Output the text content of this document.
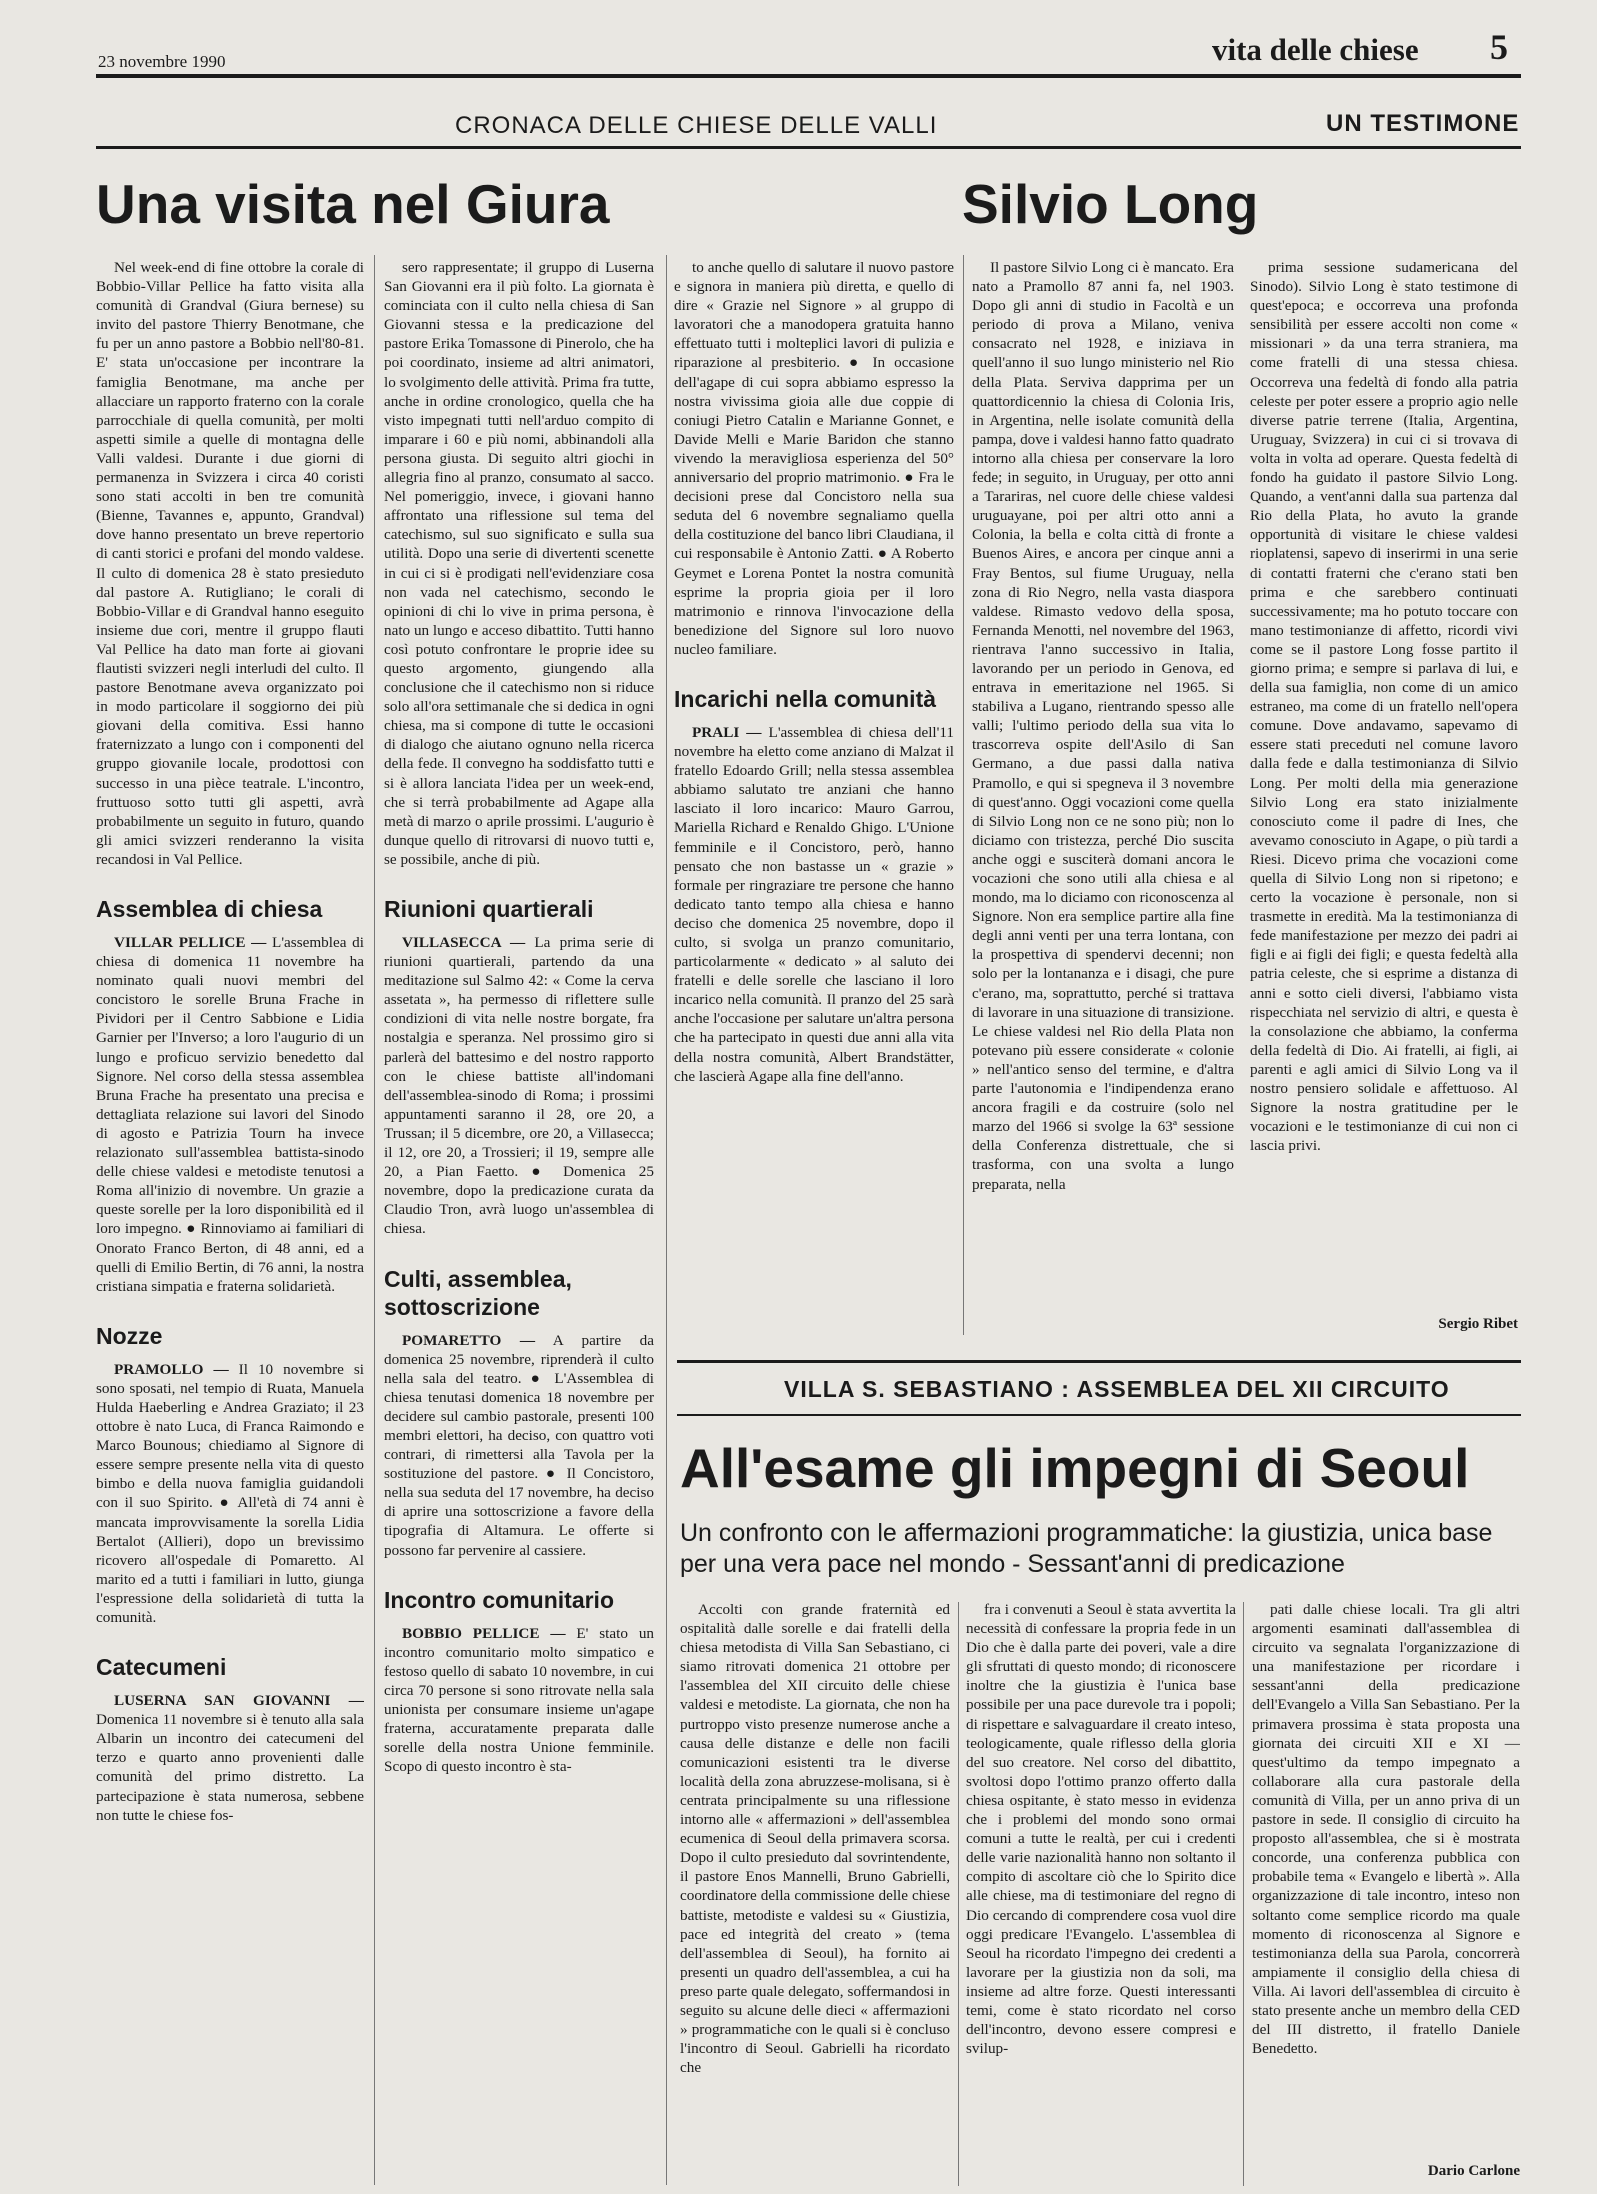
23 novembre 1990	vita delle chiese 5
CRONACA DELLE CHIESE DELLE VALLI	UN TESTIMONE
Una visita nel Giura	Silvio Long

Nel week-end di fine ottobre la corale di Bobbio-Villar Pellice ha fatto visita alla comunità di Grandval (Giura bernese) su invito del pastore Thierry Benotmane, che fu per un anno pastore a Bobbio nell'80-81. E' stata un'occasione per incontrare la famiglia Benotmane, ma anche per allacciare un rapporto fraterno con la corale parrocchiale di quella comunità, per molti aspetti simile a quelle di montagna delle Valli valdesi. Durante i due giorni di permanenza in Svizzera i circa 40 coristi sono stati accolti in ben tre comunità (Bienne, Tavannes e, appunto, Grandval) dove hanno presentato un breve repertorio di canti storici e profani del mondo valdese. Il culto di domenica 28 è stato presieduto dal pastore A. Rutigliano; le corali di Bobbio-Villar e di Grandval hanno eseguito insieme due cori, mentre il gruppo flauti Val Pellice ha dato man forte ai giovani flautisti svizzeri negli interludi del culto. Il pastore Benotmane aveva organizzato poi in modo particolare il soggiorno dei più giovani della comitiva. Essi hanno fraternizzato a lungo con i componenti del gruppo giovanile locale, prodottosi con successo in una pièce teatrale. L'incontro, fruttuoso sotto tutti gli aspetti, avrà probabilmente un seguito in futuro, quando gli amici svizzeri renderanno la visita recandosi in Val Pellice.

Assemblea di chiesa

VILLAR PELLICE — L'assemblea di chiesa di domenica 11 novembre ha nominato quali nuovi membri del concistoro le sorelle Bruna Frache in Pividori per il Centro Sabbione e Lidia Garnier per l'Inverso; a loro l'augurio di un lungo e proficuo servizio benedetto dal Signore. Nel corso della stessa assemblea Bruna Frache ha presentato una precisa e dettagliata relazione sui lavori del Sinodo di agosto e Patrizia Tourn ha invece relazionato sull'assemblea battista-sinodo delle chiese valdesi e metodiste tenutosi a Roma all'inizio di novembre. Un grazie a queste sorelle per la loro disponibilità ed il loro impegno. ● Rinnoviamo ai familiari di Onorato Franco Berton, di 48 anni, ed a quelli di Emilio Bertin, di 76 anni, la nostra cristiana simpatia e fraterna solidarietà.

Nozze

PRAMOLLO — Il 10 novembre si sono sposati, nel tempio di Ruata, Manuela Hulda Haeberling e Andrea Graziato; il 23 ottobre è nato Luca, di Franca Raimondo e Marco Bounous; chiediamo al Signore di essere sempre presente nella vita di questo bimbo e della nuova famiglia guidandoli con il suo Spirito. ● All'età di 74 anni è mancata improvvisamente la sorella Lidia Bertalot (Allieri), dopo un brevissimo ricovero all'ospedale di Pomaretto. Al marito ed a tutti i familiari in lutto, giunga l'espressione della solidarietà di tutta la comunità.

Catecumeni

LUSERNA SAN GIOVANNI — Domenica 11 novembre si è tenuto alla sala Albarin un incontro dei catecumeni del terzo e quarto anno provenienti dalle comunità del primo distretto. La partecipazione è stata numerosa, sebbene non tutte le chiese fos-

sero rappresentate; il gruppo di Luserna San Giovanni era il più folto. La giornata è cominciata con il culto nella chiesa di San Giovanni stessa e la predicazione del pastore Erika Tomassone di Pinerolo, che ha poi coordinato, insieme ad altri animatori, lo svolgimento delle attività. Prima fra tutte, anche in ordine cronologico, quella che ha visto impegnati tutti nell'arduo compito di imparare i 60 e più nomi, abbinandoli alla persona giusta. Di seguito altri giochi in allegria fino al pranzo, consumato al sacco. Nel pomeriggio, invece, i giovani hanno affrontato una riflessione sul tema del catechismo, sul suo significato e sulla sua utilità. Dopo una serie di divertenti scenette in cui ci si è prodigati nell'evidenziare cosa non vada nel catechismo, secondo le opinioni di chi lo vive in prima persona, è nato un lungo e acceso dibattito. Tutti hanno così potuto confrontare le proprie idee su questo argomento, giungendo alla conclusione che il catechismo non si riduce solo all'ora settimanale che si dedica in ogni chiesa, ma si compone di tutte le occasioni di dialogo che aiutano ognuno nella ricerca della fede. Il convegno ha soddisfatto tutti e si è allora lanciata l'idea per un week-end, che si terrà probabilmente ad Agape alla metà di marzo o aprile prossimi. L'augurio è dunque quello di ritrovarsi di nuovo tutti e, se possibile, anche di più.

Riunioni quartierali

VILLASECCA — La prima serie di riunioni quartierali, partendo da una meditazione sul Salmo 42: « Come la cerva assetata », ha permesso di riflettere sulle condizioni di vita nelle nostre borgate, fra nostalgia e speranza. Nel prossimo giro si parlerà del battesimo e del nostro rapporto con le chiese battiste all'indomani dell'assemblea-sinodo di Roma; i prossimi appuntamenti saranno il 28, ore 20, a Trussan; il 5 dicembre, ore 20, a Villasecca; il 12, ore 20, a Trossieri; il 19, sempre alle 20, a Pian Faetto. ● Domenica 25 novembre, dopo la predicazione curata da Claudio Tron, avrà luogo un'assemblea di chiesa.

Culti, assemblea, sottoscrizione

POMARETTO — A partire da domenica 25 novembre, riprenderà il culto nella sala del teatro. ● L'Assemblea di chiesa tenutasi domenica 18 novembre per decidere sul cambio pastorale, presenti 100 membri elettori, ha deciso, con quattro voti contrari, di rimettersi alla Tavola per la sostituzione del pastore. ● Il Concistoro, nella sua seduta del 17 novembre, ha deciso di aprire una sottoscrizione a favore della tipografia di Altamura. Le offerte si possono far pervenire al cassiere.

Incontro comunitario

BOBBIO PELLICE — E' stato un incontro comunitario molto simpatico e festoso quello di sabato 10 novembre, in cui circa 70 persone si sono ritrovate nella sala unionista per consumare insieme un'agape fraterna, accuratamente preparata dalle sorelle della nostra Unione femminile. Scopo di questo incontro è sta-

to anche quello di salutare il nuovo pastore e signora in maniera più diretta, e quello di dire « Grazie nel Signore » al gruppo di lavoratori che a manodopera gratuita hanno effettuato tutti i molteplici lavori di pulizia e riparazione al presbiterio. ● In occasione dell'agape di cui sopra abbiamo espresso la nostra vivissima gioia alle due coppie di coniugi Pietro Catalin e Marianne Gonnet, e Davide Melli e Marie Baridon che stanno vivendo la meravigliosa esperienza del 50° anniversario del proprio matrimonio. ● Fra le decisioni prese dal Concistoro nella sua seduta del 6 novembre segnaliamo quella della costituzione del banco libri Claudiana, il cui responsabile è Antonio Zatti. ● A Roberto Geymet e Lorena Pontet la nostra comunità esprime la propria gioia per il loro matrimonio e rinnova l'invocazione della benedizione del Signore sul loro nuovo nucleo familiare.

Incarichi nella comunità

PRALI — L'assemblea di chiesa dell'11 novembre ha eletto come anziano di Malzat il fratello Edoardo Grill; nella stessa assemblea abbiamo salutato tre anziani che hanno lasciato il loro incarico: Mauro Garrou, Mariella Richard e Renaldo Ghigo. L'Unione femminile e il Concistoro, però, hanno pensato che non bastasse un « grazie » formale per ringraziare tre persone che hanno dedicato tanto tempo alla chiesa e hanno deciso che domenica 25 novembre, dopo il culto, si svolga un pranzo comunitario, particolarmente « dedicato » al saluto dei fratelli e delle sorelle che lasciano il loro incarico nella comunità. Il pranzo del 25 sarà anche l'occasione per salutare un'altra persona che ha partecipato in questi due anni alla vita della nostra comunità, Albert Brandstätter, che lascierà Agape alla fine dell'anno.

Il pastore Silvio Long ci è mancato. Era nato a Pramollo 87 anni fa, nel 1903. Dopo gli anni di studio in Facoltà e un periodo di prova a Milano, veniva consacrato nel 1928, e iniziava in quell'anno il suo lungo ministerio nel Rio della Plata. Serviva dapprima per un quattordicennio la chiesa di Colonia Iris, in Argentina, nelle isolate comunità della pampa, dove i valdesi hanno fatto quadrato intorno alla chiesa per conservare la loro fede; in seguito, in Uruguay, per otto anni a Tarariras, nel cuore delle chiese valdesi uruguayane, poi per altri otto anni a Colonia, la bella e colta città di fronte a Buenos Aires, e ancora per cinque anni a Fray Bentos, sul fiume Uruguay, nella zona di Rio Negro, nella vasta diaspora valdese. Rimasto vedovo della sposa, Fernanda Menotti, nel novembre del 1963, rientrava l'anno successivo in Italia, lavorando per un periodo in Genova, ed entrava in emeritazione nel 1965. Si stabiliva a Lugano, rientrando spesso alle valli; l'ultimo periodo della sua vita lo trascorreva ospite dell'Asilo di San Germano, a due passi dalla nativa Pramollo, e qui si spegneva il 3 novembre di quest'anno. Oggi vocazioni come quella di Silvio Long non ce ne sono più; non lo diciamo con tristezza, perché Dio suscita anche oggi e susciterà domani ancora le vocazioni che sono utili alla chiesa e al mondo, ma lo diciamo con riconoscenza al Signore. Non era semplice partire alla fine degli anni venti per una terra lontana, con la prospettiva di spendervi decenni; non solo per la lontananza e i disagi, che pure c'erano, ma, soprattutto, perché si trattava di lavorare in una situazione di transizione. Le chiese valdesi nel Rio della Plata non potevano più essere considerate « colonie » nell'antico senso del termine, e d'altra parte l'autonomia e l'indipendenza erano ancora fragili e da costruire (solo nel marzo del 1966 si svolge la 63ª sessione della Conferenza distrettuale, che si trasforma, con una svolta a lungo preparata, nella

prima sessione sudamericana del Sinodo). Silvio Long è stato testimone di quest'epoca; e occorreva una profonda sensibilità per essere accolti non come « missionari » da una terra straniera, ma come fratelli di una stessa chiesa. Occorreva una fedeltà di fondo alla patria celeste per poter essere a proprio agio nelle diverse patrie terrene (Italia, Argentina, Uruguay, Svizzera) in cui ci si trovava di volta in volta ad operare. Questa fedeltà di fondo ha guidato il pastore Silvio Long. Quando, a vent'anni dalla sua partenza dal Rio della Plata, ho avuto la grande opportunità di visitare le chiese valdesi rioplatensi, sapevo di inserirmi in una serie di contatti fraterni che c'erano stati ben prima e che sarebbero continuati successivamente; ma ho potuto toccare con mano testimonianze di affetto, ricordi vivi come se il pastore Long fosse partito il giorno prima; e sempre si parlava di lui, e della sua famiglia, non come di un amico estraneo, ma come di un fratello nell'opera comune. Dove andavamo, sapevamo di essere stati preceduti nel comune lavoro dalla fede e dalla testimonianza di Silvio Long. Per molti della mia generazione Silvio Long era stato inizialmente conosciuto come il padre di Ines, che avevamo conosciuto in Agape, o più tardi a Riesi. Dicevo prima che vocazioni come quella di Silvio Long non si ripetono; e certo la vocazione è personale, non si trasmette in eredità. Ma la testimonianza di fede manifestazione per mezzo dei padri ai figli e ai figli dei figli; e questa fedeltà alla patria celeste, che si esprime a distanza di anni e sotto cieli diversi, l'abbiamo vista rispecchiata nel servizio di altri, e questa è la consolazione che abbiamo, la conferma della fedeltà di Dio. Ai fratelli, ai figli, ai parenti e agli amici di Silvio Long va il nostro pensiero solidale e affettuoso. Al Signore la nostra gratitudine per le vocazioni e le testimonianze di cui non ci lascia privi.

Sergio Ribet
VILLA S. SEBASTIANO : ASSEMBLEA DEL XII CIRCUITO
All'esame gli impegni di Seoul
Un confronto con le affermazioni programmatiche: la giustizia, unica base per una vera pace nel mondo - Sessant'anni di predicazione

Accolti con grande fraternità ed ospitalità dalle sorelle e dai fratelli della chiesa metodista di Villa San Sebastiano, ci siamo ritrovati domenica 21 ottobre per l'assemblea del XII circuito delle chiese valdesi e metodiste. La giornata, che non ha purtroppo visto presenze numerose anche a causa delle distanze e delle non facili comunicazioni esistenti tra le diverse località della zona abruzzese-molisana, si è centrata principalmente su una riflessione intorno alle « affermazioni » dell'assemblea ecumenica di Seoul della primavera scorsa. Dopo il culto presieduto dal sovrintendente, il pastore Enos Mannelli, Bruno Gabrielli, coordinatore della commissione delle chiese battiste, metodiste e valdesi su « Giustizia, pace ed integrità del creato » (tema dell'assemblea di Seoul), ha fornito ai presenti un quadro dell'assemblea, a cui ha preso parte quale delegato, soffermandosi in seguito su alcune delle dieci « affermazioni » programmatiche con le quali si è concluso l'incontro di Seoul. Gabrielli ha ricordato che

fra i convenuti a Seoul è stata avvertita la necessità di confessare la propria fede in un Dio che è dalla parte dei poveri, vale a dire gli sfruttati di questo mondo; di riconoscere inoltre che la giustizia è l'unica base possibile per una pace durevole tra i popoli; di rispettare e salvaguardare il creato inteso, teologicamente, quale riflesso della gloria del suo creatore. Nel corso del dibattito, svoltosi dopo l'ottimo pranzo offerto dalla chiesa ospitante, è stato messo in evidenza che i problemi del mondo sono ormai comuni a tutte le realtà, per cui i credenti delle varie nazionalità hanno non soltanto il compito di ascoltare ciò che lo Spirito dice alle chiese, ma di testimoniare del regno di Dio cercando di comprendere cosa vuol dire oggi predicare l'Evangelo. L'assemblea di Seoul ha ricordato l'impegno dei credenti a lavorare per la giustizia non da soli, ma insieme ad altre forze. Questi interessanti temi, come è stato ricordato nel corso dell'incontro, devono essere compresi e svilup-

pati dalle chiese locali. Tra gli altri argomenti esaminati dall'assemblea di circuito va segnalata l'organizzazione di una manifestazione per ricordare i sessant'anni della predicazione dell'Evangelo a Villa San Sebastiano. Per la primavera prossima è stata proposta una giornata dei circuiti XII e XI — quest'ultimo da tempo impegnato a collaborare alla cura pastorale della comunità di Villa, per un anno priva di un pastore in sede. Il consiglio di circuito ha proposto all'assemblea, che si è mostrata concorde, una conferenza pubblica con probabile tema « Evangelo e libertà ». Alla organizzazione di tale incontro, inteso non soltanto come semplice ricordo ma quale momento di riconoscenza al Signore e testimonianza della sua Parola, concorrerà ampiamente il consiglio della chiesa di Villa. Ai lavori dell'assemblea di circuito è stato presente anche un membro della CED del III distretto, il fratello Daniele Benedetto.

Dario Carlone
